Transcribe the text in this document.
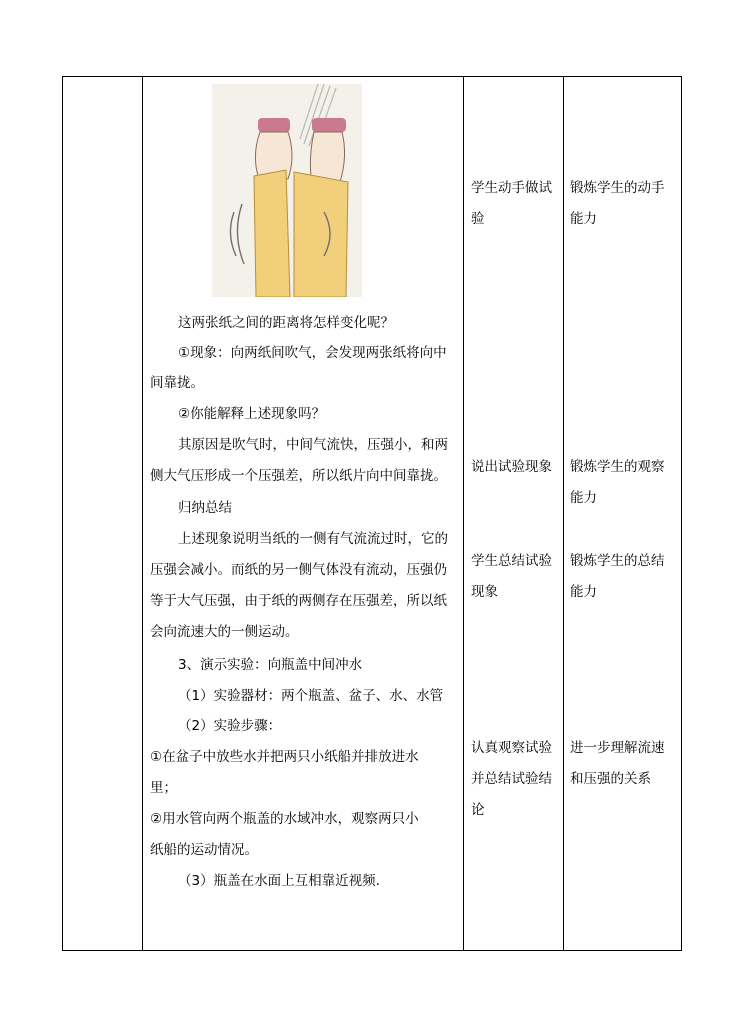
这两张纸之间的距离将怎样变化呢？
①现象：向两纸间吹气，会发现两张纸将向中
间靠拢。
②你能解释上述现象吗？
其原因是吹气时，中间气流快，压强小，和两
侧大气压形成一个压强差，所以纸片向中间靠拢。
归纳总结
上述现象说明当纸的一侧有气流流过时，它的
压强会减小。而纸的另一侧气体没有流动，压强仍
等于大气压强，由于纸的两侧存在压强差，所以纸
会向流速大的一侧运动。
3、演示实验：向瓶盖中间冲水
（1）实验器材：两个瓶盖、盆子、水、水管
（2）实验步骤：
①在盆子中放些水并把两只小纸船并排放进水
里；
②用水管向两个瓶盖的水域冲水，观察两只小
纸船的运动情况。
（3）瓶盖在水面上互相靠近视频.
学生动手做试
验
说出试验现象
学生总结试验
现象
认真观察试验
并总结试验结
论
锻炼学生的动手
能力
锻炼学生的观察
能力
锻炼学生的总结
能力
进一步理解流速
和压强的关系
